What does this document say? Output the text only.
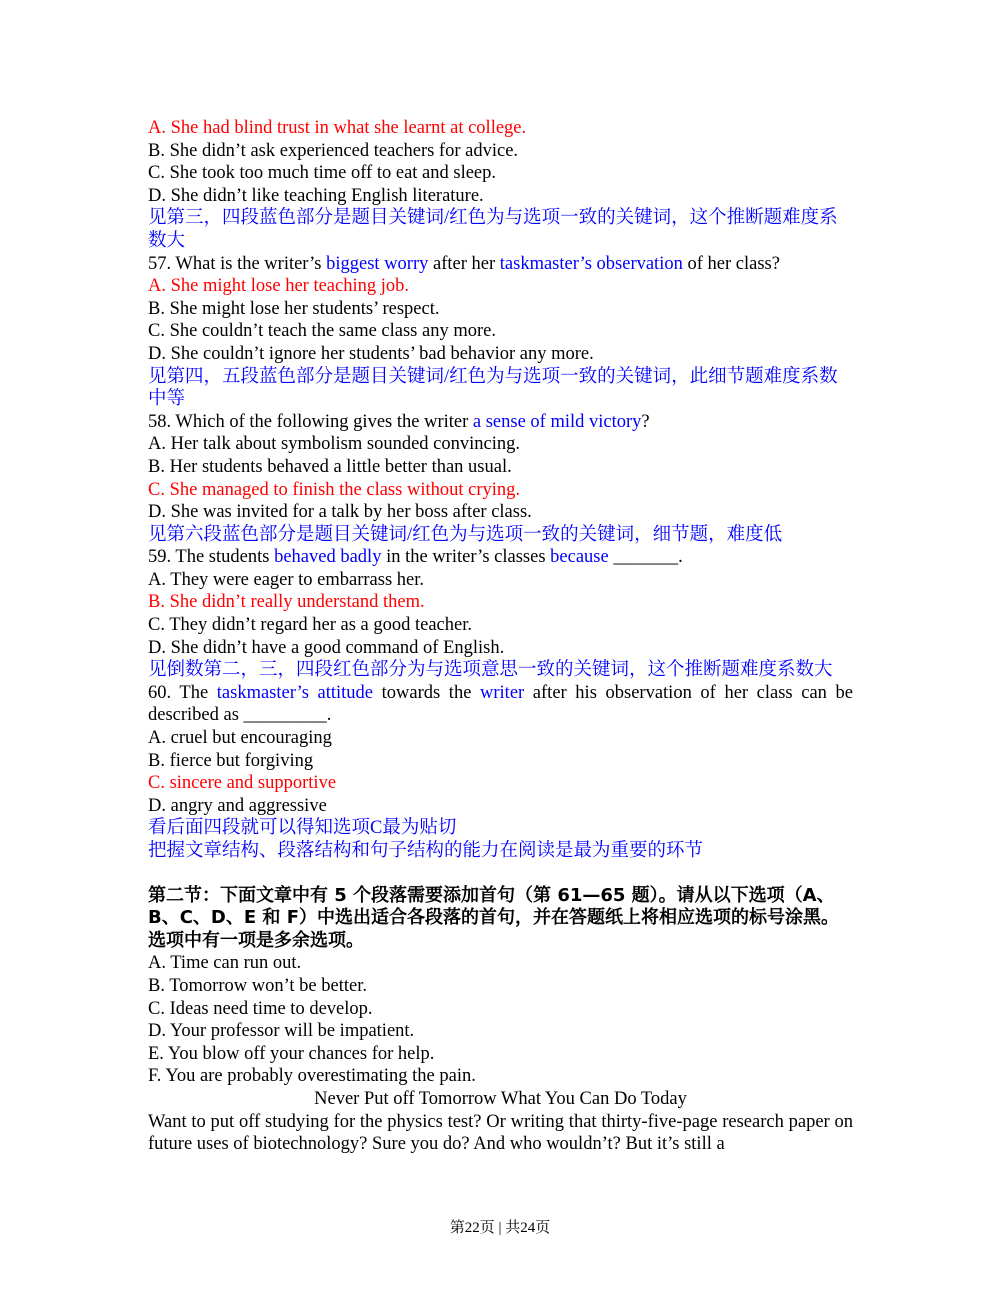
A. She had blind trust in what she learnt at college.
B. She didn’t ask experienced teachers for advice.
C. She took too much time off to eat and sleep.
D. She didn’t like teaching English literature.
见第三，四段蓝色部分是题目关键词/红色为与选项一致的关键词，这个推断题难度系数大
57. What is the writer’s biggest worry after her taskmaster’s observation of her class?
A. She might lose her teaching job.
B. She might lose her students’ respect.
C. She couldn’t teach the same class any more.
D. She couldn’t ignore her students’ bad behavior any more.
见第四，五段蓝色部分是题目关键词/红色为与选项一致的关键词，此细节题难度系数中等
58. Which of the following gives the writer a sense of mild victory?
A. Her talk about symbolism sounded convincing.
B. Her students behaved a little better than usual.
C. She managed to finish the class without crying.
D. She was invited for a talk by her boss after class.
见第六段蓝色部分是题目关键词/红色为与选项一致的关键词，细节题，难度低
59. The students behaved badly in the writer’s classes because _______.
A. They were eager to embarrass her.
B. She didn’t really understand them.
C. They didn’t regard her as a good teacher.
D. She didn’t have a good command of English.
见倒数第二，三，四段红色部分为与选项意思一致的关键词，这个推断题难度系数大
60. The taskmaster’s attitude towards the writer after his observation of her class can be described as _________.
A. cruel but encouraging
B. fierce but forgiving
C. sincere and supportive
D. angry and aggressive
看后面四段就可以得知选项C最为贴切
把握文章结构、段落结构和句子结构的能力在阅读是最为重要的环节
第二节：下面文章中有 5 个段落需要添加首句（第 61—65 题）。请从以下选项（A、B、C、D、E 和 F）中选出适合各段落的首句，并在答题纸上将相应选项的标号涂黑。选项中有一项是多余选项。
A. Time can run out.
B. Tomorrow won’t be better.
C. Ideas need time to develop.
D. Your professor will be impatient.
E. You blow off your chances for help.
F. You are probably overestimating the pain.
Never Put off Tomorrow What You Can Do Today
Want to put off studying for the physics test? Or writing that thirty-five-page research paper on future uses of biotechnology? Sure you do? And who wouldn’t? But it’s still a
第22页 | 共24页
